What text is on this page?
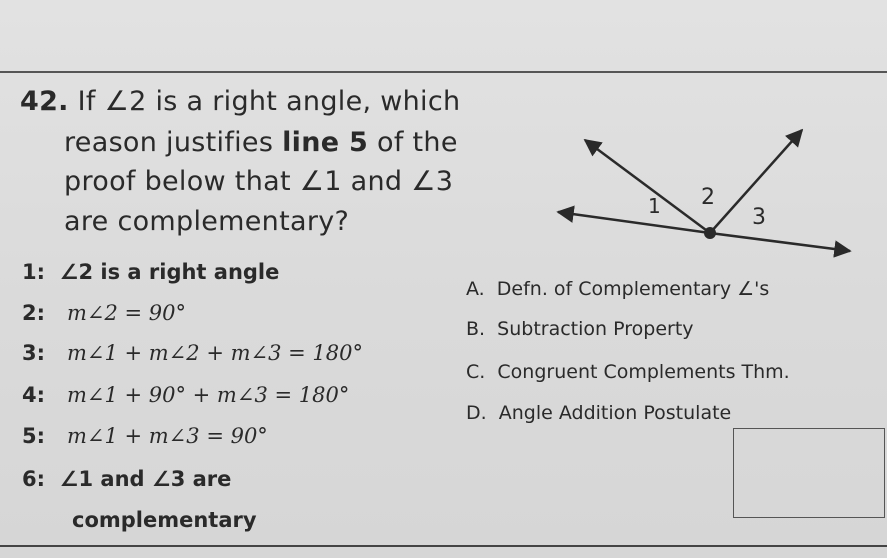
42. If ∠2 is a right angle, which
reason justifies line 5 of the
proof below that ∠1 and ∠3
are complementary?	1 2
3
1: ∠2 is a right angle
2: m∠2 = 90°
3: m∠1 + m∠2 + m∠3 = 180°
4: m∠1 + 90° + m∠3 = 180°
5: m∠1 + m∠3 = 90°
6: ∠1 and ∠3 are
complementary
A. Defn. of Complementary ∠'s
B. Subtraction Property
C. Congruent Complements Thm.
D. Angle Addition Postulate
